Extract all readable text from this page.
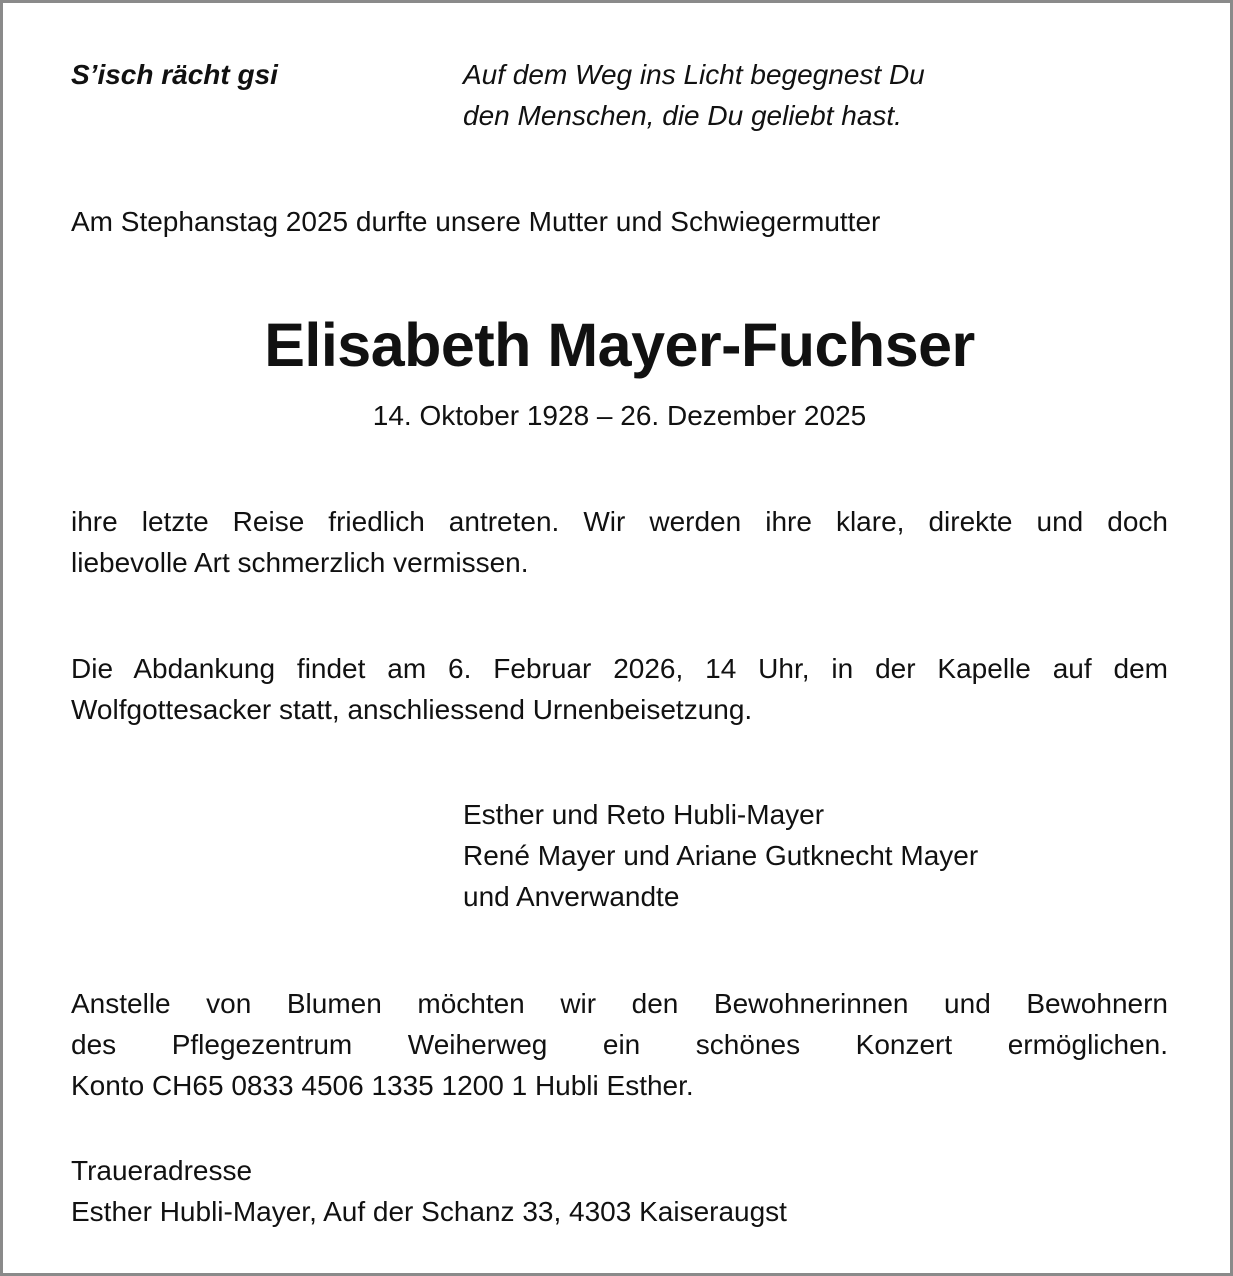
S’isch rächt gsi	Auf dem Weg ins Licht begegnest Du
den Menschen, die Du geliebt hast.
Am Stephanstag 2025 durfte unsere Mutter und Schwiegermutter
Elisabeth Mayer-Fuchser
14. Oktober 1928 – 26. Dezember 2025
ihre letzte Reise friedlich antreten. Wir werden ihre klare, direkte und doch
liebevolle Art schmerzlich vermissen.
Die Abdankung findet am 6. Februar 2026, 14 Uhr, in der Kapelle auf dem
Wolfgottesacker statt, anschliessend Urnenbeisetzung.
Esther und Reto Hubli-Mayer
René Mayer und Ariane Gutknecht Mayer
und Anverwandte
Anstelle von Blumen möchten wir den Bewohnerinnen und Bewohnern
des Pflegezentrum Weiherweg ein schönes Konzert ermöglichen.
Konto CH65 0833 4506 1335 1200 1 Hubli Esther.
Traueradresse
Esther Hubli-Mayer, Auf der Schanz 33, 4303 Kaiseraugst
